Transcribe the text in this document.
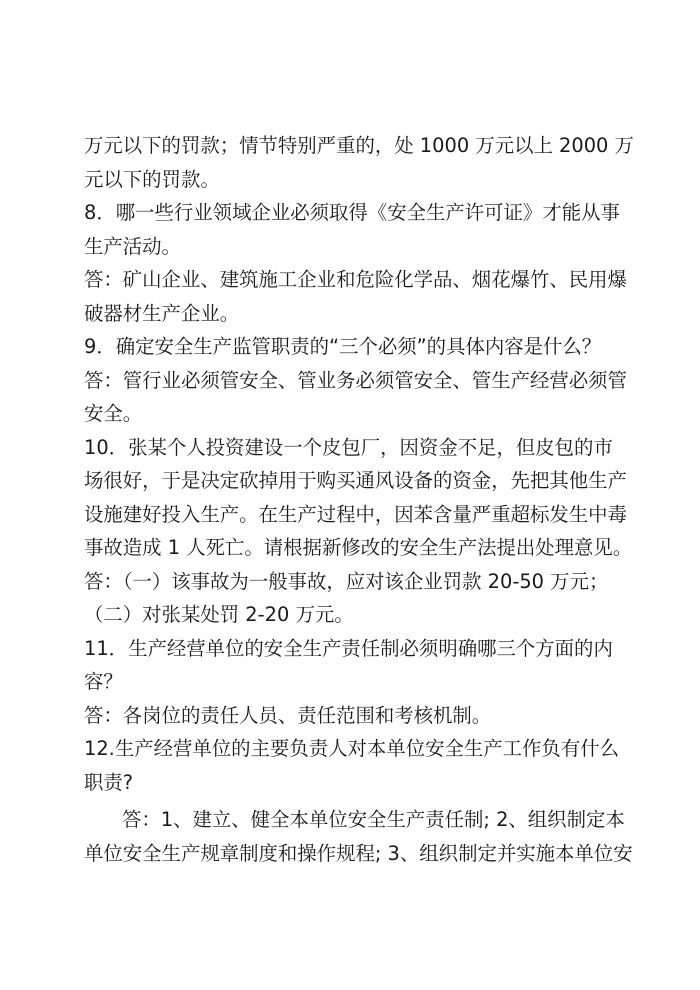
万元以下的罚款；情节特别严重的，处 1000 万元以上 2000 万
元以下的罚款。
8．哪一些行业领域企业必须取得《安全生产许可证》才能从事
生产活动。
答：矿山企业、建筑施工企业和危险化学品、烟花爆竹、民用爆
破器材生产企业。
9．确定安全生产监管职责的“三个必须”的具体内容是什么？
答：管行业必须管安全、管业务必须管安全、管生产经营必须管
安全。
10．张某个人投资建设一个皮包厂，因资金不足，但皮包的市
场很好，于是决定砍掉用于购买通风设备的资金，先把其他生产
设施建好投入生产。在生产过程中，因苯含量严重超标发生中毒
事故造成 1 人死亡。请根据新修改的安全生产法提出处理意见。
答：（一）该事故为一般事故，应对该企业罚款 20-50 万元；
（二）对张某处罚 2-20 万元。
11．生产经营单位的安全生产责任制必须明确哪三个方面的内
容？
答：各岗位的责任人员、责任范围和考核机制。
12.生产经营单位的主要负责人对本单位安全生产工作负有什么
职责?
答：1、建立、健全本单位安全生产责任制; 2、组织制定本
单位安全生产规章制度和操作规程; 3、组织制定并实施本单位安
